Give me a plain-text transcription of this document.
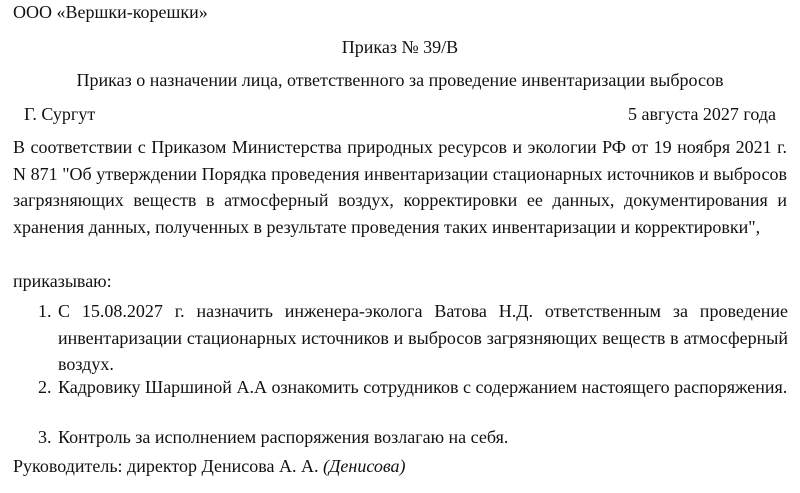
ООО «Вершки-корешки»
Приказ № 39/В
Приказ о назначении лица, ответственного за проведение инвентаризации выбросов
Г. Сургут	5 августа 2027 года
В соответствии с Приказом Министерства природных ресурсов и экологии РФ от 19 ноября 2021 г. N 871 "Об утверждении Порядка проведения инвентаризации стационарных источников и выбросов загрязняющих веществ в атмосферный воздух, корректировки ее данных, документирования и хранения данных, полученных в результате проведения таких инвентаризации и корректировки",
приказываю:
1. С 15.08.2027 г. назначить инженера-эколога Ватова Н.Д. ответственным за проведение инвентаризации стационарных источников и выбросов загрязняющих веществ в атмосферный воздух.
2. Кадровику Шаршиной А.А ознакомить сотрудников с содержанием настоящего распоряжения.
3. Контроль за исполнением распоряжения возлагаю на себя.
Руководитель: директор Денисова А. А. (Денисова)
